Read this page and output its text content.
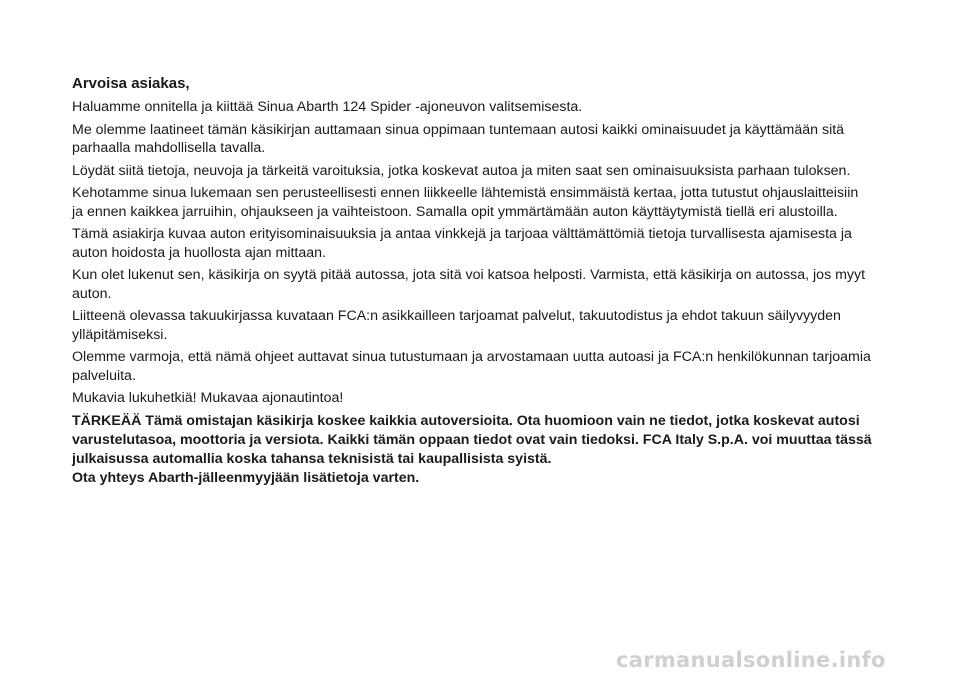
Arvoisa asiakas,

Haluamme onnitella ja kiittää Sinua Abarth 124 Spider -ajoneuvon valitsemisesta.

Me olemme laatineet tämän käsikirjan auttamaan sinua oppimaan tuntemaan autosi kaikki ominaisuudet ja käyttämään sitä parhaalla mahdollisella tavalla.

Löydät siitä tietoja, neuvoja ja tärkeitä varoituksia, jotka koskevat autoa ja miten saat sen ominaisuuksista parhaan tuloksen.

Kehotamme sinua lukemaan sen perusteellisesti ennen liikkeelle lähtemistä ensimmäistä kertaa, jotta tutustut ohjauslaitteisiin ja ennen kaikkea jarruihin, ohjaukseen ja vaihteistoon. Samalla opit ymmärtämään auton käyttäytymistä tiellä eri alustoilla.

Tämä asiakirja kuvaa auton erityisominaisuuksia ja antaa vinkkejä ja tarjoaa välttämättömiä tietoja turvallisesta ajamisesta ja auton hoidosta ja huollosta ajan mittaan.

Kun olet lukenut sen, käsikirja on syytä pitää autossa, jota sitä voi katsoa helposti. Varmista, että käsikirja on autossa, jos myyt auton.

Liitteenä olevassa takuukirjassa kuvataan FCA:n asikkailleen tarjoamat palvelut, takuutodistus ja ehdot takuun säilyvyyden ylläpitämiseksi.

Olemme varmoja, että nämä ohjeet auttavat sinua tutustumaan ja arvostamaan uutta autoasi ja FCA:n henkilökunnan tarjoamia palveluita.

Mukavia lukuhetkiä! Mukavaa ajonautintoa!

TÄRKEÄÄ Tämä omistajan käsikirja koskee kaikkia autoversioita. Ota huomioon vain ne tiedot, jotka koskevat autosi varustelutasoa, moottoria ja versiota. Kaikki tämän oppaan tiedot ovat vain tiedoksi. FCA Italy S.p.A. voi muuttaa tässä julkaisussa automallia koska tahansa teknisistä tai kaupallisista syistä.

Ota yhteys Abarth-jälleenmyyjään lisätietoja varten.

carmanualsonline.info
